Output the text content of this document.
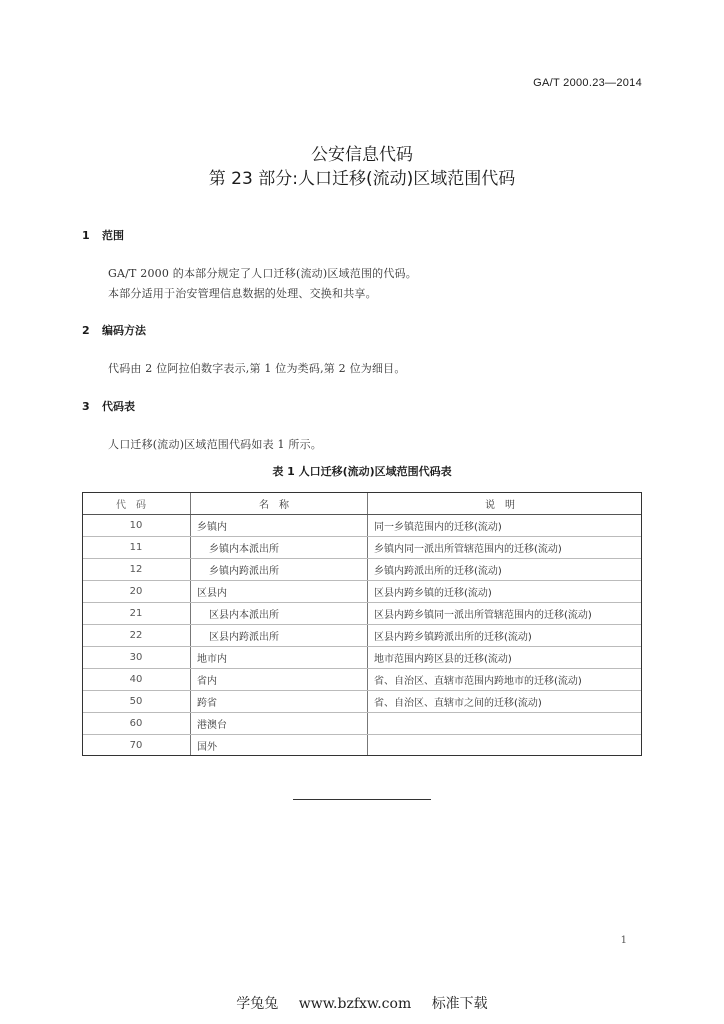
GA/T 2000.23—2014
公安信息代码
第 23 部分:人口迁移(流动)区域范围代码
1 范围
GA/T 2000 的本部分规定了人口迁移(流动)区域范围的代码。
本部分适用于治安管理信息数据的处理、交换和共享。
2 编码方法
代码由 2 位阿拉伯数字表示,第 1 位为类码,第 2 位为细目。
3 代码表
人口迁移(流动)区域范围代码如表 1 所示。
表 1 人口迁移(流动)区域范围代码表
代码	名称	说明
10	乡镇内	同一乡镇范围内的迁移(流动)
11	乡镇内本派出所	乡镇内同一派出所管辖范围内的迁移(流动)
12	乡镇内跨派出所	乡镇内跨派出所的迁移(流动)
20	区县内	区县内跨乡镇的迁移(流动)
21	区县内本派出所	区县内跨乡镇同一派出所管辖范围内的迁移(流动)
22	区县内跨派出所	区县内跨乡镇跨派出所的迁移(流动)
30	地市内	地市范围内跨区县的迁移(流动)
40	省内	省、自治区、直辖市范围内跨地市的迁移(流动)
50	跨省	省、自治区、直辖市之间的迁移(流动)
60	港澳台	
70	国外	
1
学兔兔 www.bzfxw.com 标准下载
